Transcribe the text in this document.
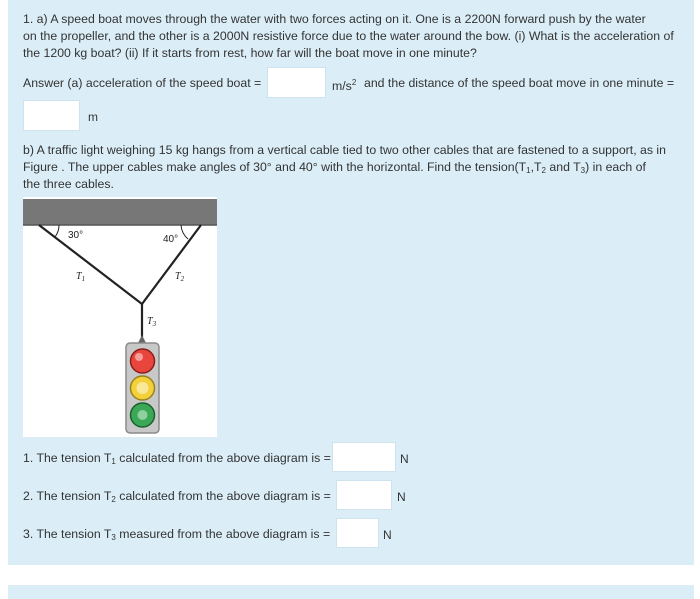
1. a) A speed boat moves through the water with two forces acting on it. One is a 2200N forward push by the water
on the propeller, and the other is a 2000N resistive force due to the water around the bow. (i) What is the acceleration of
the 1200 kg boat? (ii) If it starts from rest, how far will the boat move in one minute?
Answer (a) acceleration of the speed boat =	$m/s^2$ and the distance of the speed boat move in one minute =
m
b) A traffic light weighing 15 kg hangs from a vertical cable tied to two other cables that are fastened to a support, as in
Figure . The upper cables make angles of 30° and 40° with the horizontal. Find the $tension(T_1,T_2$ and $T_3$) in each of
the three cables.
30°	40°
$T_1$	$T_2$
$T_3$
1. The tension $T_1$ calculated from the above diagram is =	N
2. The tension $T_2$ calculated from the above diagram is =	N
3. The tension $T_3$ measured from the above diagram is =	N
